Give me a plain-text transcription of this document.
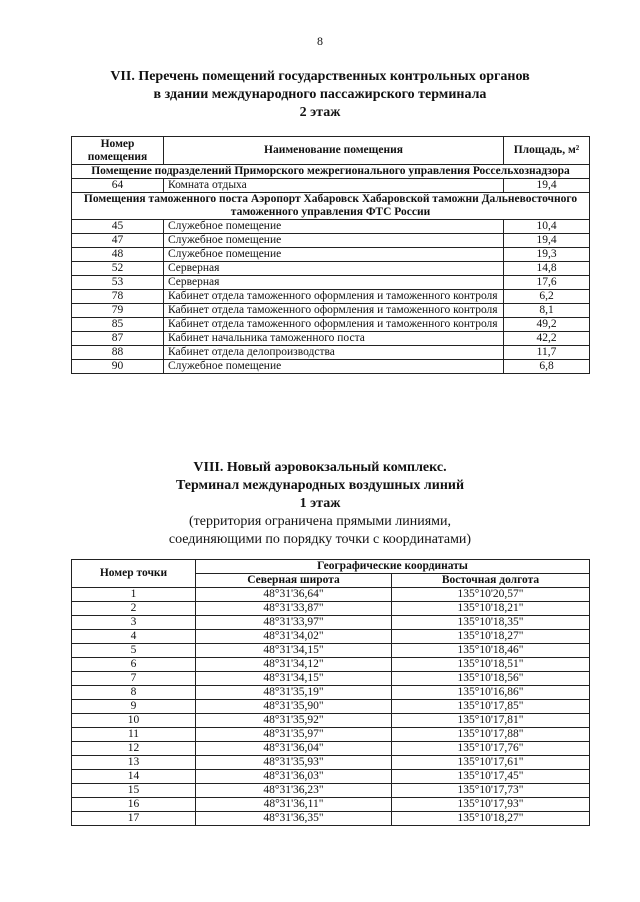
8
VII. Перечень помещений государственных контрольных органов
в здании международного пассажирского терминала
2 этаж
Номер помещения	Наименование помещения	Площадь, м²
Помещение подразделений Приморского межрегионального управления Россельхознадзора		
64	Комната отдыха	19,4
Помещения таможенного поста Аэропорт Хабаровск Хабаровской таможни Дальневосточного таможенного управления ФТС России		
45	Служебное помещение	10,4
47	Служебное помещение	19,4
48	Служебное помещение	19,3
52	Серверная	14,8
53	Серверная	17,6
78	Кабинет отдела таможенного оформления и таможенного контроля	6,2
79	Кабинет отдела таможенного оформления и таможенного контроля	8,1
85	Кабинет отдела таможенного оформления и таможенного контроля	49,2
87	Кабинет начальника таможенного поста	42,2
88	Кабинет отдела делопроизводства	11,7
90	Служебное помещение	6,8
VIII. Новый аэровокзальный комплекс.
Терминал международных воздушных линий
1 этаж
(территория ограничена прямыми линиями,
соединяющими по порядку точки с координатами)
Номер точки	Географические координаты	
	Северная широта	Восточная долгота
1	48°31'36,64"	135°10'20,57"
2	48°31'33,87"	135°10'18,21"
3	48°31'33,97"	135°10'18,35"
4	48°31'34,02"	135°10'18,27"
5	48°31'34,15"	135°10'18,46"
6	48°31'34,12"	135°10'18,51"
7	48°31'34,15"	135°10'18,56"
8	48°31'35,19"	135°10'16,86"
9	48°31'35,90"	135°10'17,85"
10	48°31'35,92"	135°10'17,81"
11	48°31'35,97"	135°10'17,88"
12	48°31'36,04"	135°10'17,76"
13	48°31'35,93"	135°10'17,61"
14	48°31'36,03"	135°10'17,45"
15	48°31'36,23"	135°10'17,73"
16	48°31'36,11"	135°10'17,93"
17	48°31'36,35"	135°10'18,27"
